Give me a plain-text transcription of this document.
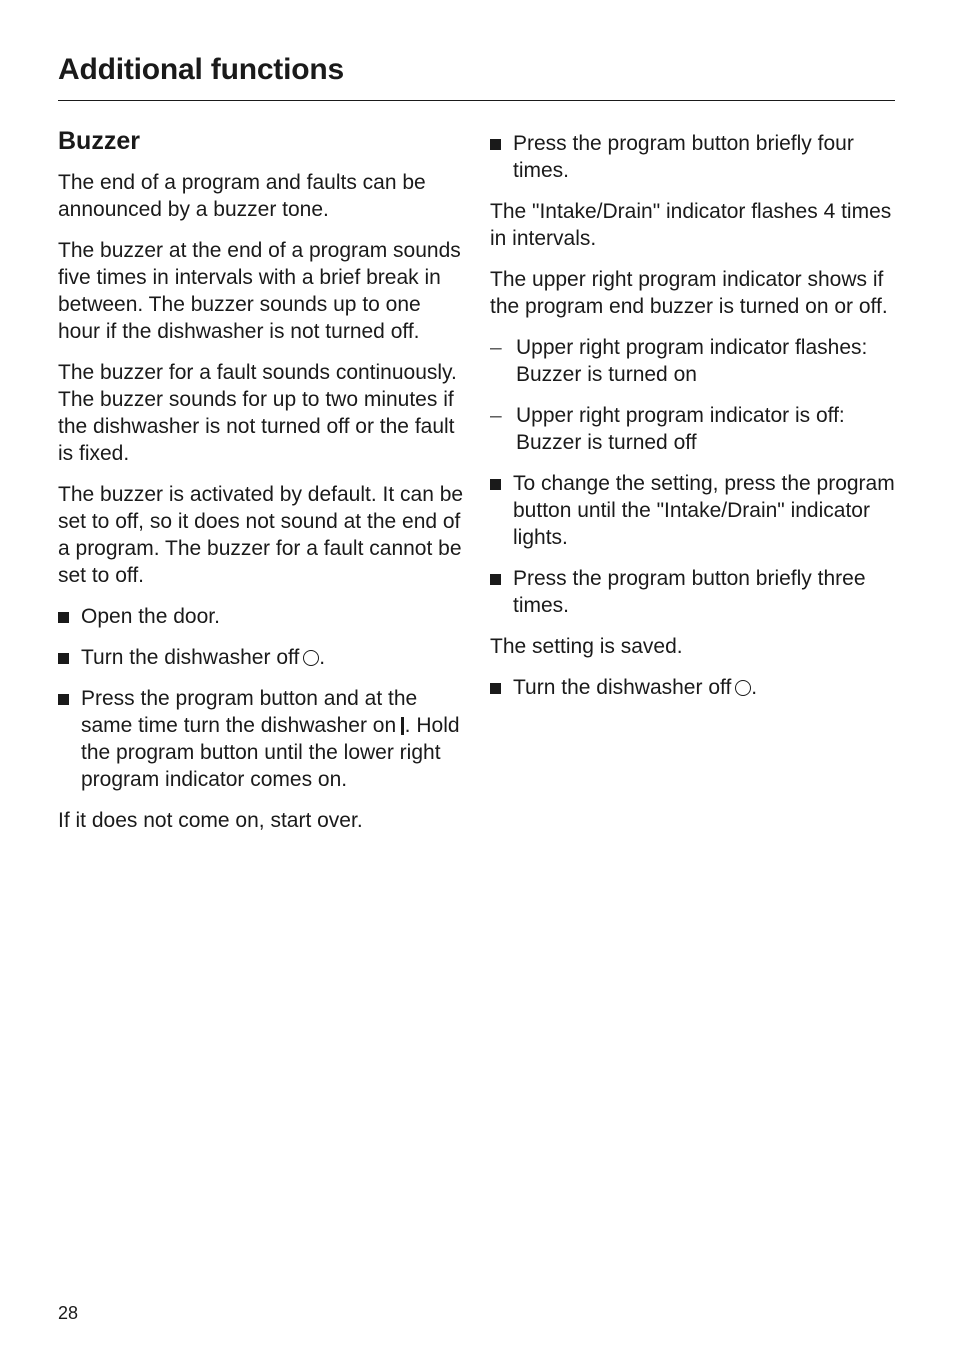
Additional functions
Buzzer

The end of a program and faults can be announced by a buzzer tone.

The buzzer at the end of a program sounds five times in intervals with a brief break in between. The buzzer sounds up to one hour if the dishwasher is not turned off.

The buzzer for a fault sounds continuously. The buzzer sounds for up to two minutes if the dishwasher is not turned off or the fault is fixed.

The buzzer is activated by default. It can be set to off, so it does not sound at the end of a program. The buzzer for a fault cannot be set to off.

Open the door.
Turn the dishwasher off .
Press the program button and at the same time turn the dishwasher on . Hold the program button until the lower right program indicator comes on.

If it does not come on, start over.

Press the program button briefly four times.

The "Intake/Drain" indicator flashes 4 times in intervals.

The upper right program indicator shows if the program end buzzer is turned on or off.

– Upper right program indicator flashes: Buzzer is turned on
– Upper right program indicator is off: Buzzer is turned off
To change the setting, press the program button until the "Intake/Drain" indicator lights.
Press the program button briefly three times.

The setting is saved.

Turn the dishwasher off .
28
